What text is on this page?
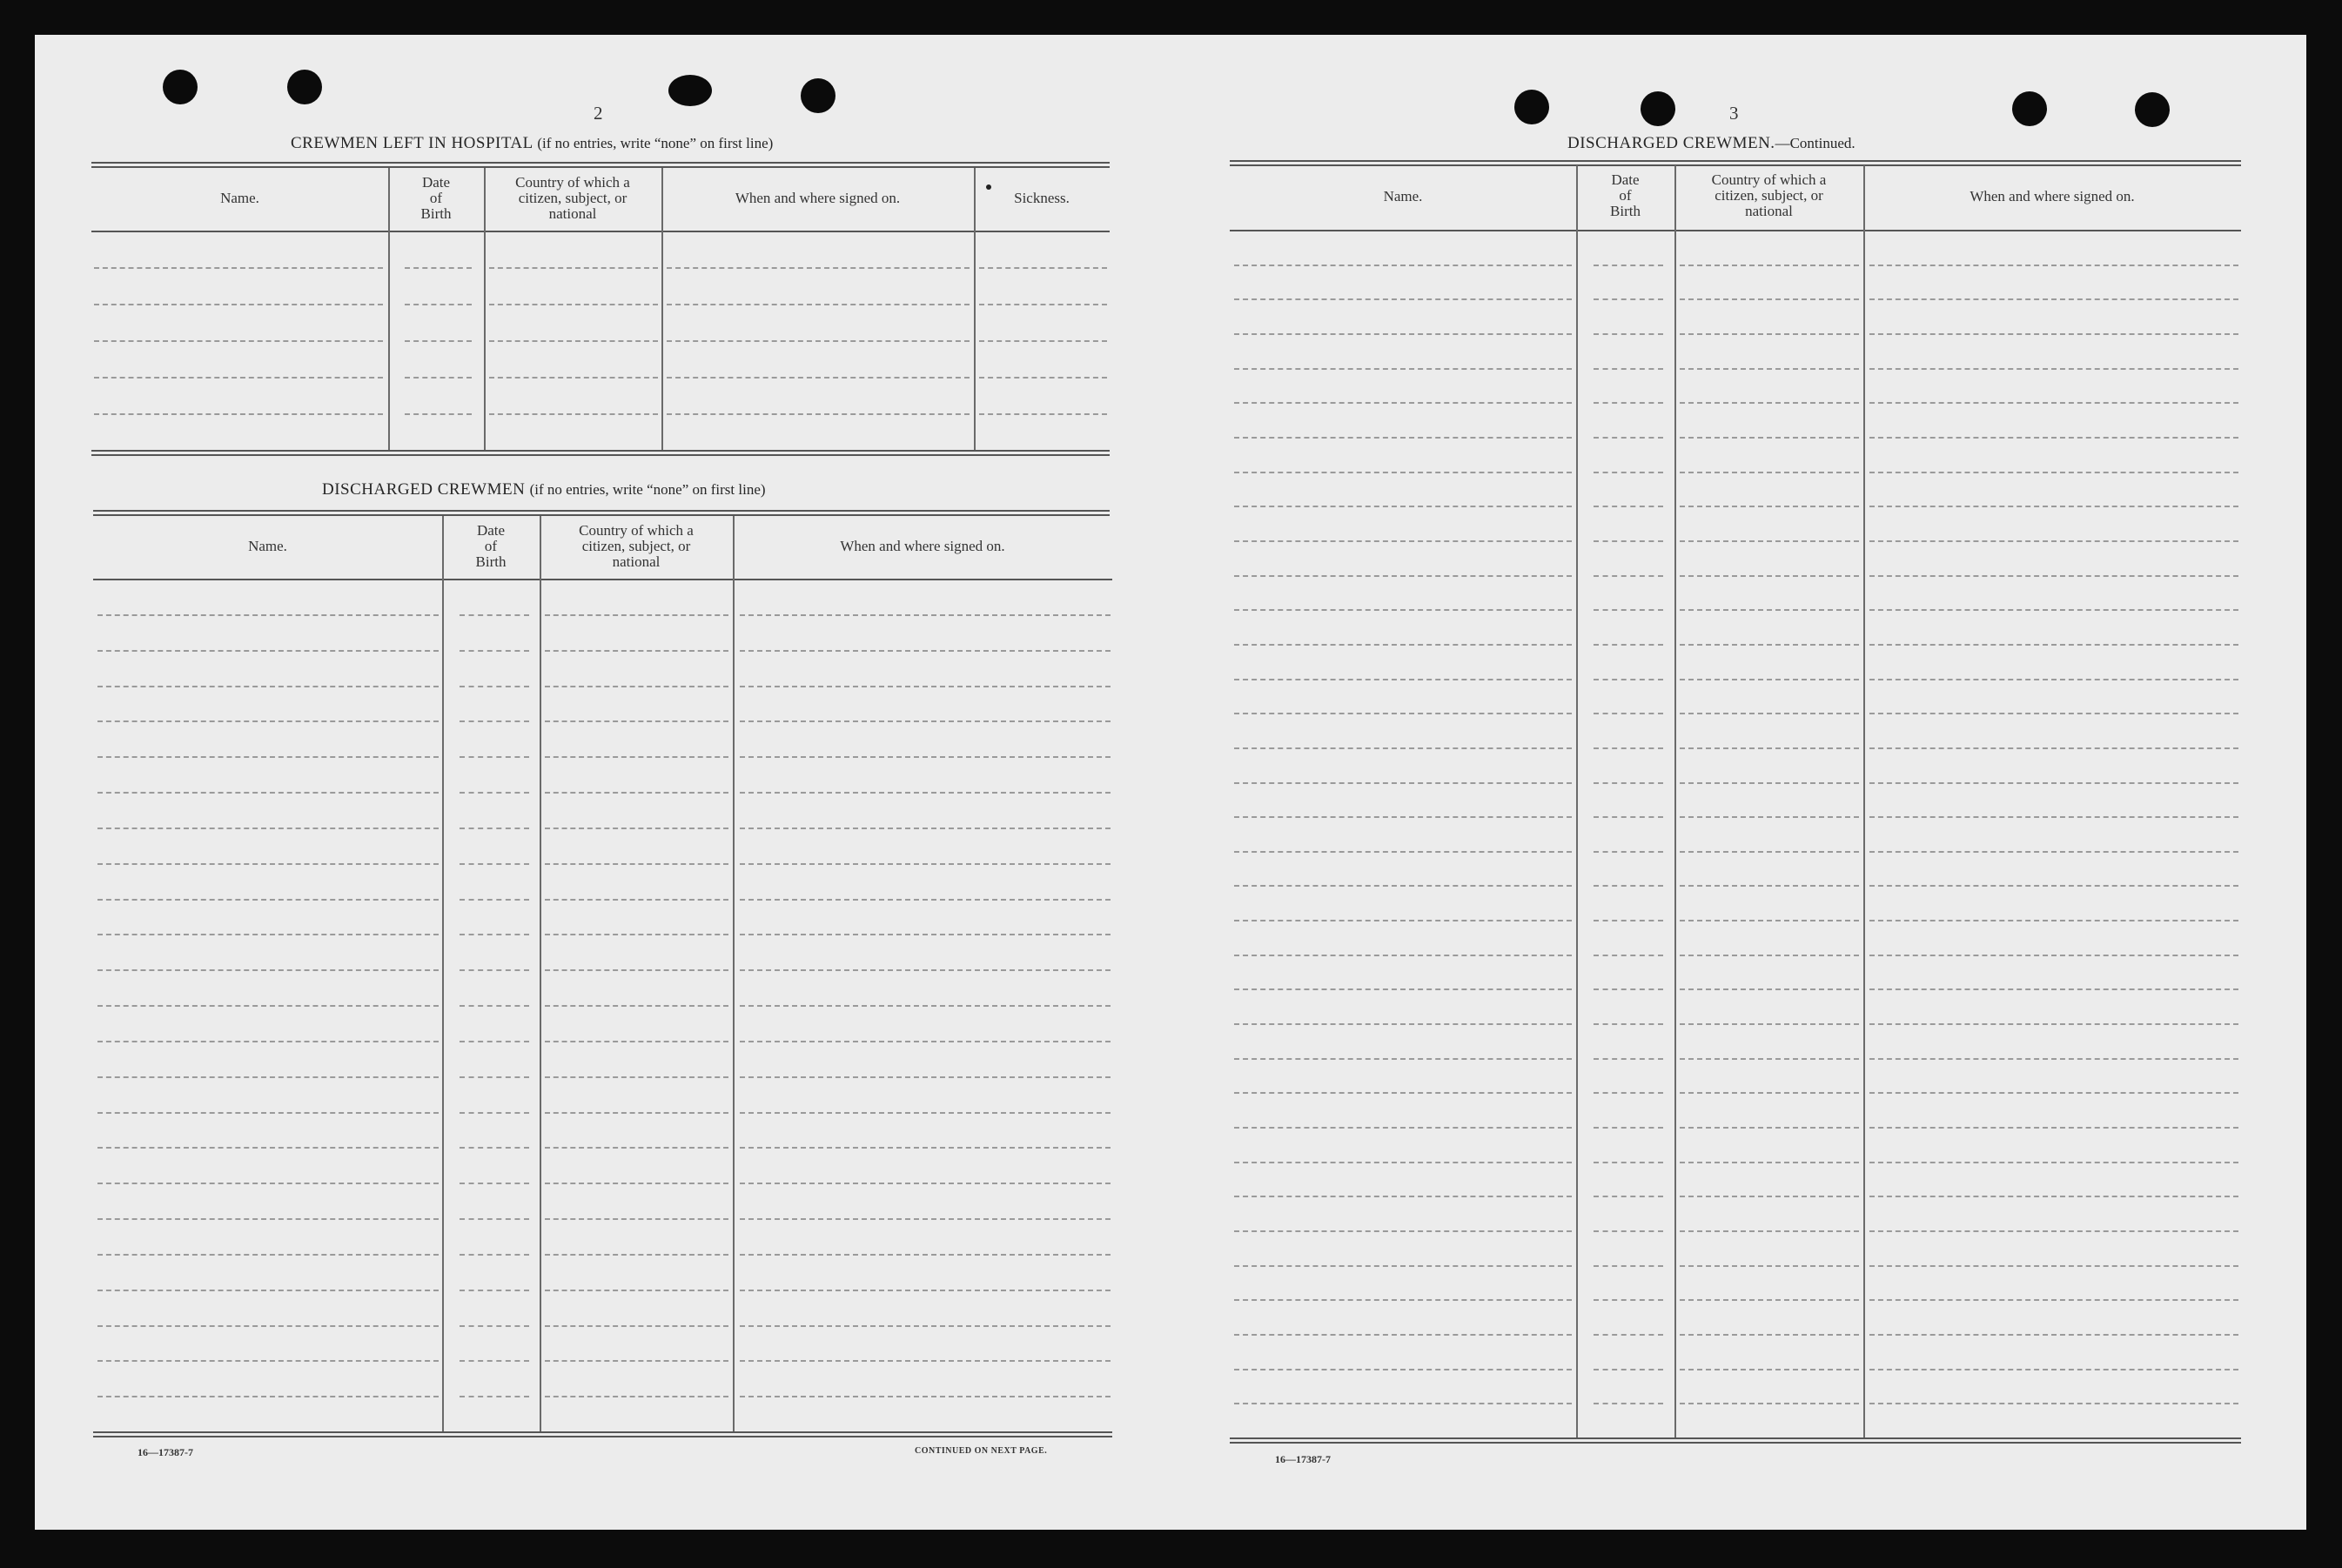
2
CREWMEN LEFT IN HOSPITAL (if no entries, write “none” on first line)
DISCHARGED CREWMEN (if no entries, write “none” on first line)
16—17387-7	CONTINUED ON NEXT PAGE.
3
DISCHARGED CREWMEN.—Continued.
16—17387-7
Name.
Date
of
Birth
Country of which a
citizen, subject, or
national
When and where signed on.	Sickness.
Name.
Date
of
Birth
Country of which a
citizen, subject, or
national
When and where signed on.
Name.
Date
of
Birth
Country of which a
citizen, subject, or
national
When and where signed on.
